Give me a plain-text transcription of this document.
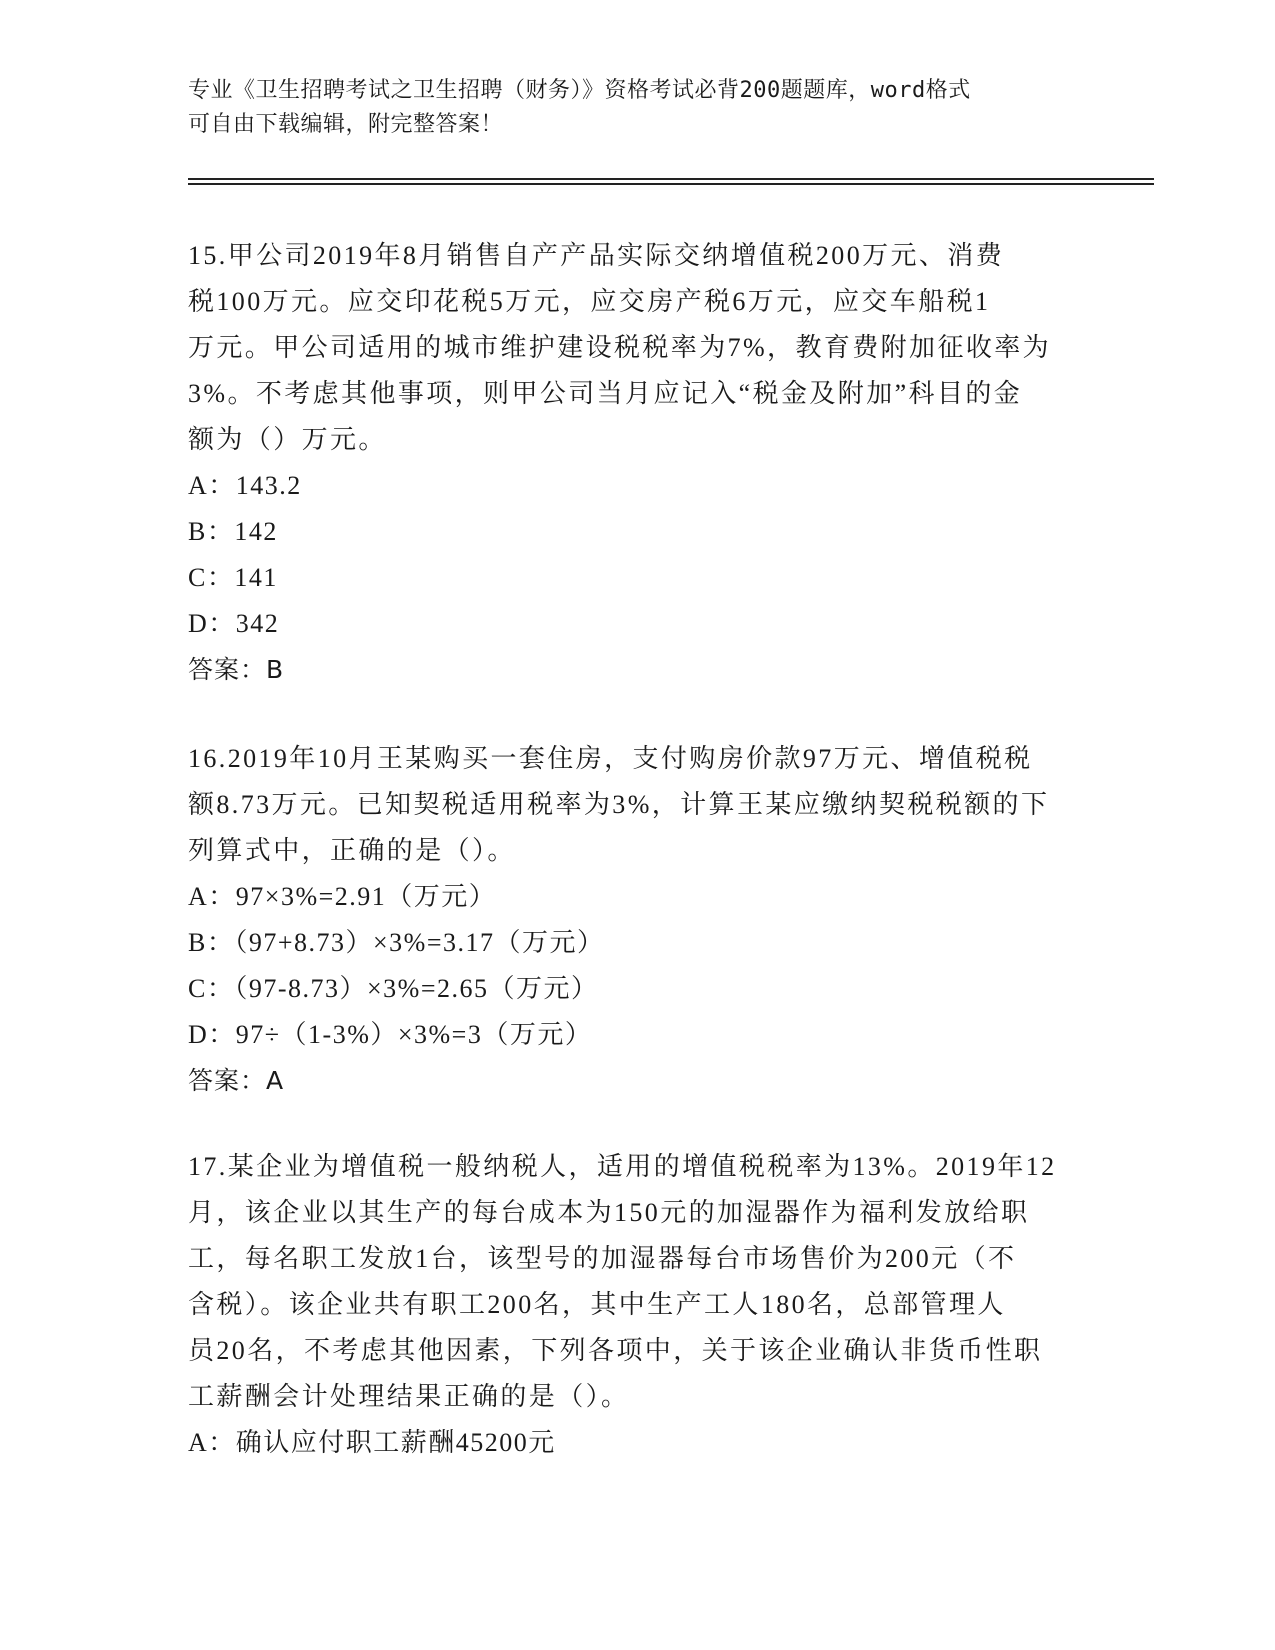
专业《卫生招聘考试之卫生招聘（财务）》资格考试必背200题题库，word格式
可自由下载编辑，附完整答案！
15.甲公司2019年8月销售自产产品实际交纳增值税200万元、消费
税100万元。应交印花税5万元，应交房产税6万元，应交车船税1
万元。甲公司适用的城市维护建设税税率为7%，教育费附加征收率为
3%。不考虑其他事项，则甲公司当月应记入“税金及附加”科目的金
额为（）万元。
A：143.2
B：142
C：141
D：342
答案：B
16.2019年10月王某购买一套住房，支付购房价款97万元、增值税税
额8.73万元。已知契税适用税率为3%，计算王某应缴纳契税税额的下
列算式中，正确的是（）。
A：97×3%=2.91（万元）
B：（97+8.73）×3%=3.17（万元）
C：（97-8.73）×3%=2.65（万元）
D：97÷（1-3%）×3%=3（万元）
答案：A
17.某企业为增值税一般纳税人，适用的增值税税率为13%。2019年12
月，该企业以其生产的每台成本为150元的加湿器作为福利发放给职
工，每名职工发放1台，该型号的加湿器每台市场售价为200元（不
含税）。该企业共有职工200名，其中生产工人180名，总部管理人
员20名，不考虑其他因素，下列各项中，关于该企业确认非货币性职
工薪酬会计处理结果正确的是（）。
A：确认应付职工薪酬45200元
